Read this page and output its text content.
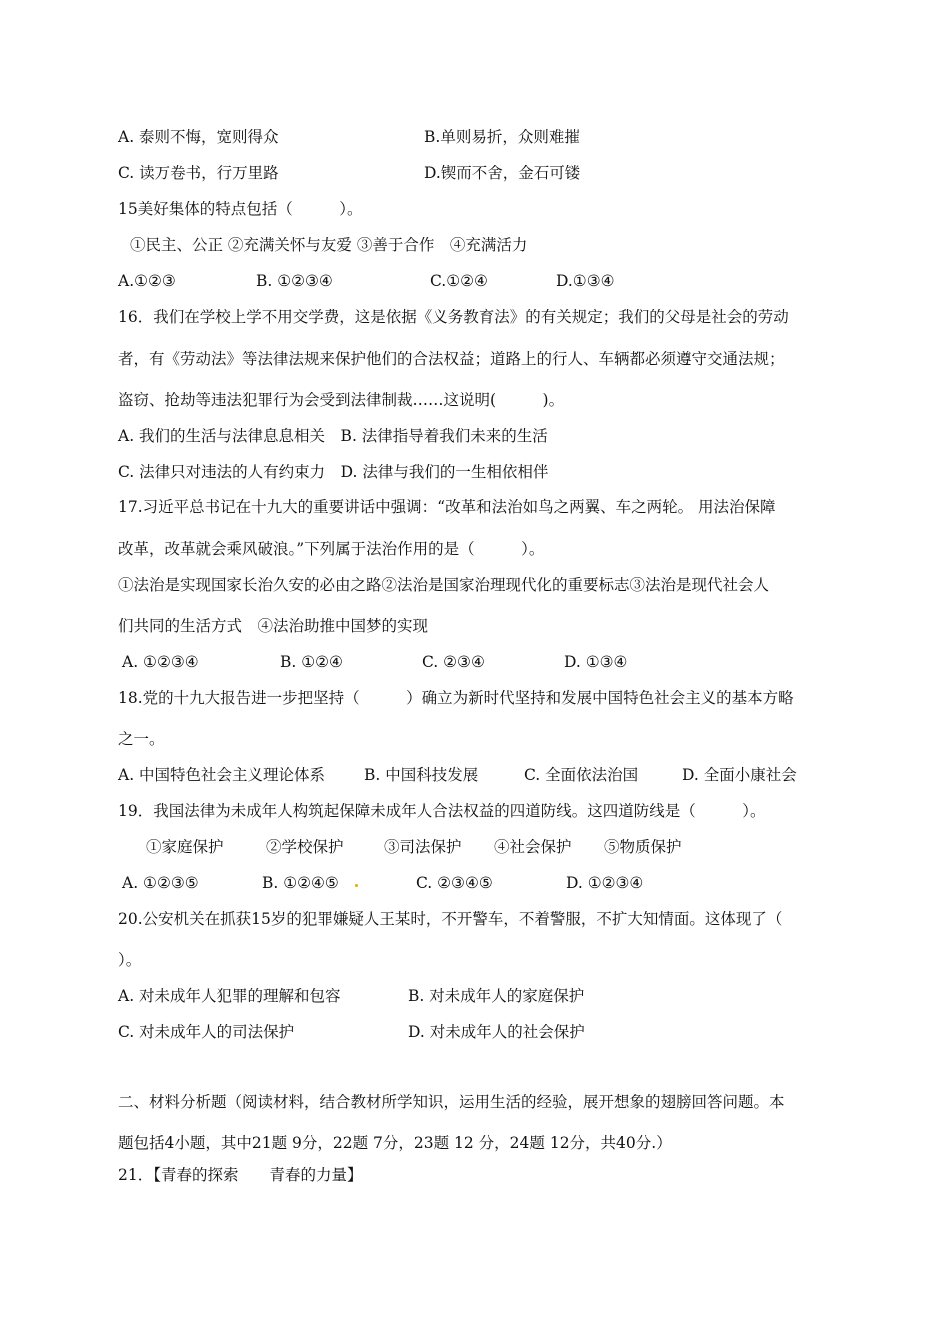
A. 泰则不悔，宽则得众	B.单则易折，众则难摧

C. 读万卷书，行万里路	D.锲而不舍，金石可镂

15美好集体的特点包括（　　　）。

①民主、公正 ②充满关怀与友爱 ③善于合作　④充满活力

A.①②③	B. ①②③④	C.①②④	D.①③④

16．我们在学校上学不用交学费，这是依据《义务教育法》的有关规定；我们的父母是社会的劳动

者，有《劳动法》等法律法规来保护他们的合法权益；道路上的行人、车辆都必须遵守交通法规；

盗窃、抢劫等违法犯罪行为会受到法律制裁……这说明(　　　)。

A. 我们的生活与法律息息相关　B. 法律指导着我们未来的生活

C. 法律只对违法的人有约束力　D. 法律与我们的一生相依相伴

17.习近平总书记在十九大的重要讲话中强调：“改革和法治如鸟之两翼、车之两轮。 用法治保障

改革，改革就会乘风破浪。”下列属于法治作用的是（　　　）。

①法治是实现国家长治久安的必由之路②法治是国家治理现代化的重要标志③法治是现代社会人

们共同的生活方式　④法治助推中国梦的实现

A. ①②③④	B. ①②④	C. ②③④	D. ①③④

18.党的十九大报告进一步把坚持（　　　）确立为新时代坚持和发展中国特色社会主义的基本方略

之一。

A. 中国特色社会主义理论体系	B. 中国科技发展	C. 全面依法治国	D. 全面小康社会

19．我国法律为未成年人构筑起保障未成年人合法权益的四道防线。这四道防线是（　　　）。

①家庭保护	②学校保护	③司法保护 ④社会保护 ⑤物质保护

A. ①②③⑤	B. ①②④⑤	C. ②③④⑤	D. ①②③④

20.公安机关在抓获15岁的犯罪嫌疑人王某时，不开警车，不着警服，不扩大知情面。这体现了（

）。

A. 对未成年人犯罪的理解和包容	B. 对未成年人的家庭保护

C. 对未成年人的司法保护	D. 对未成年人的社会保护

二、材料分析题（阅读材料，结合教材所学知识，运用生活的经验，展开想象的翅膀回答问题。本

题包括4小题，其中21题 9分，22题 7分，23题 12 分，24题 12分，共40分.）

21．【青春的探索　　青春的力量】
